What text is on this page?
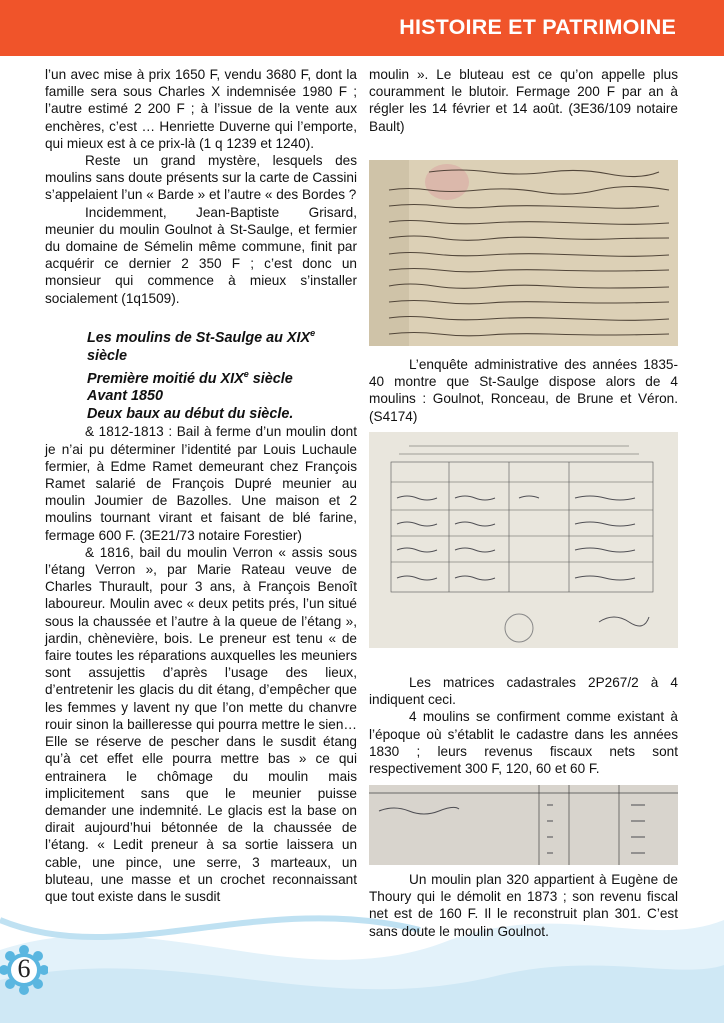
HISTOIRE ET PATRIMOINE

l’un avec mise à prix 1650 F, vendu 3680 F, dont la famille sera sous Charles X indemnisée 1980 F ; l’autre estimé 2 200 F ; à l’issue de la vente aux enchères, c’est … Henriette Duverne qui l’emporte, qui mieux est à ce prix-là (1 q 1239 et 1240).

Reste un grand mystère, lesquels des moulins sans doute présents sur la carte de Cassini s’appelaient l’un « Barde » et l’autre « des Bordes ?

Incidemment, Jean-Baptiste Grisard, meunier du moulin Goulnot à St-Saulge, et fermier du domaine de Sémelin même commune, finit par acquérir ce dernier 2 350 F ; c’est donc un monsieur qui commence à mieux s’installer socialement (1q1509).

Les moulins de St-Saulge au XIXe siècle
Première moitié du XIXe siècle
Avant 1850
Deux baux au début du siècle.

& 1812-1813 : Bail à ferme d’un moulin dont je n’ai pu déterminer l’identité par Louis Luchaule fermier, à Edme Ramet demeurant chez François Ramet salarié de François Dupré meunier au moulin Joumier de Bazolles. Une maison et 2 moulins tournant virant et faisant de blé farine, fermage 600 F. (3E21/73 notaire Forestier)

& 1816, bail du moulin Verron « assis sous l’étang Verron », par Marie Rateau veuve de Charles Thurault, pour 3 ans, à François Benoît laboureur. Moulin avec « deux petits prés, l’un situé sous la chaussée et l’autre à la queue de l’étang », jardin, chènevière, bois. Le preneur est tenu « de faire toutes les réparations auxquelles les meuniers sont assujettis d’après l’usage des lieux, d’entretenir les glacis du dit étang, d’empêcher que les femmes y lavent ny que l’on mette du chanvre rouir sinon la bailleresse qui pourra mettre le sien… Elle se réserve de pescher dans le susdit étang qu’à cet effet elle pourra mettre bas » ce qui entrainera le chômage du moulin mais implicitement sans que le meunier puisse demander une indemnité. Le glacis est la base on dirait aujourd’hui bétonnée de la chaussée de l’étang. « Ledit preneur à sa sortie laissera un cable, une pince, une serre, 3 marteaux, un bluteau, une masse et un crochet reconnaissant que tout existe dans le susdit

moulin ». Le bluteau est ce qu’on appelle plus couramment le blutoir. Fermage 200 F par an à régler les 14 février et 14 août. (3E36/109 notaire Bault)

L’enquête administrative des années 1835-40 montre que St-Saulge dispose alors de 4 moulins : Goulnot, Ronceau, de Brune et Véron. (S4174)

Les matrices cadastrales 2P267/2 à 4 indiquent ceci.

4 moulins se confirment comme existant à l’époque où s’établit le cadastre dans les années 1830 ; leurs revenus fiscaux nets sont respectivement 300 F, 120, 60 et 60 F.

Un moulin plan 320 appartient à Eugène de Thoury qui le démolit en 1873 ; son revenu fiscal net est de 160 F. Il le reconstruit plan 301. C’est sans doute le moulin Goulnot.

6
